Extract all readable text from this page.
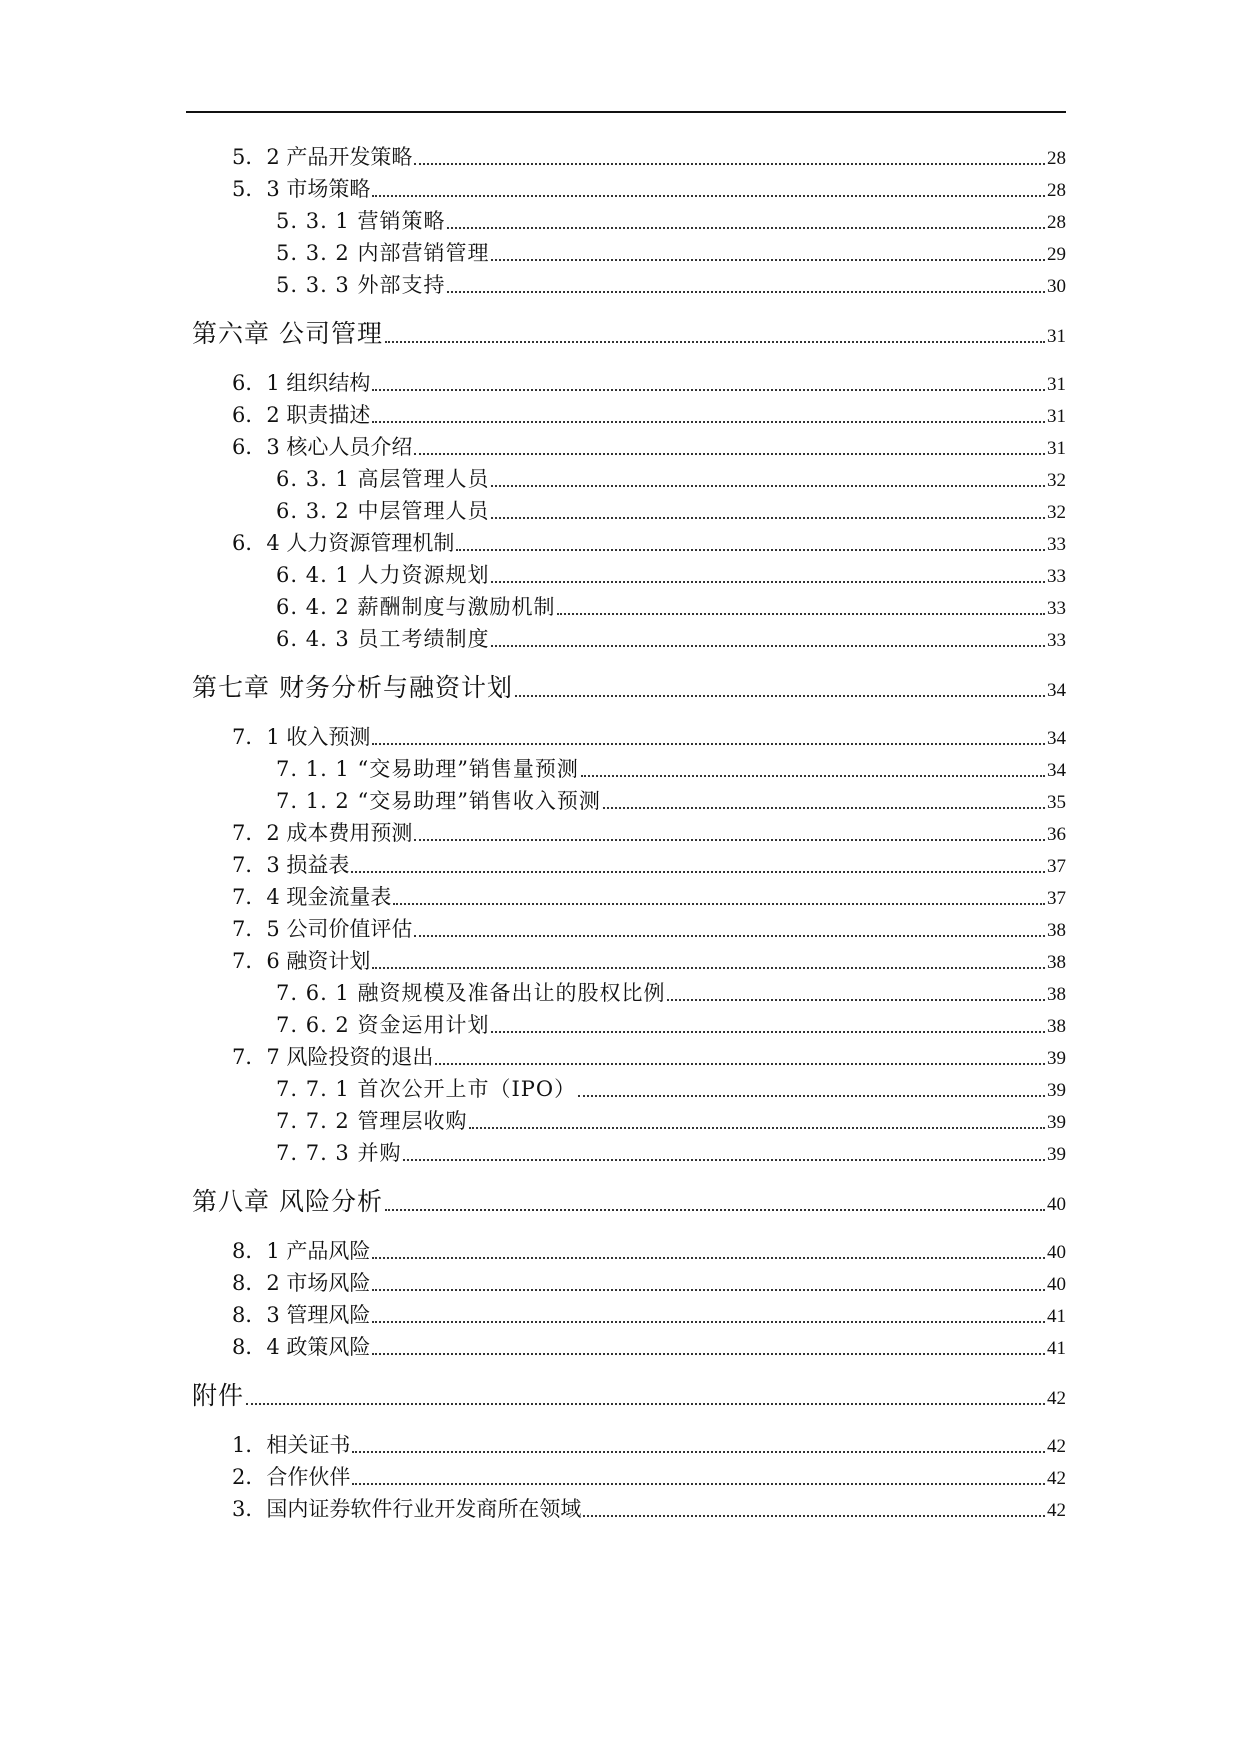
5．2 产品开发策略	28
5．3 市场策略	28
5. 3. 1 营销策略	28
5. 3. 2 内部营销管理	29
5. 3. 3 外部支持	30
第六章 公司管理	31
6．1 组织结构	31
6．2 职责描述	31
6．3 核心人员介绍	31
6. 3. 1 高层管理人员	32
6. 3. 2 中层管理人员	32
6．4 人力资源管理机制	33
6. 4. 1 人力资源规划	33
6. 4. 2 薪酬制度与激励机制	33
6. 4. 3 员工考绩制度	33
第七章 财务分析与融资计划	34
7．1 收入预测	34
7. 1. 1 “交易助理”销售量预测	34
7. 1. 2 “交易助理”销售收入预测	35
7．2 成本费用预测	36
7．3 损益表	37
7．4 现金流量表	37
7．5 公司价值评估	38
7．6 融资计划	38
7. 6. 1 融资规模及准备出让的股权比例	38
7. 6. 2 资金运用计划	38
7．7 风险投资的退出	39
7. 7. 1 首次公开上市（IPO）	39
7. 7. 2 管理层收购	39
7. 7. 3 并购	39
第八章 风险分析	40
8．1 产品风险	40
8．2 市场风险	40
8．3 管理风险	41
8．4 政策风险	41
附件	42
1．相关证书	42
2．合作伙伴	42
3．国内证券软件行业开发商所在领域	42
